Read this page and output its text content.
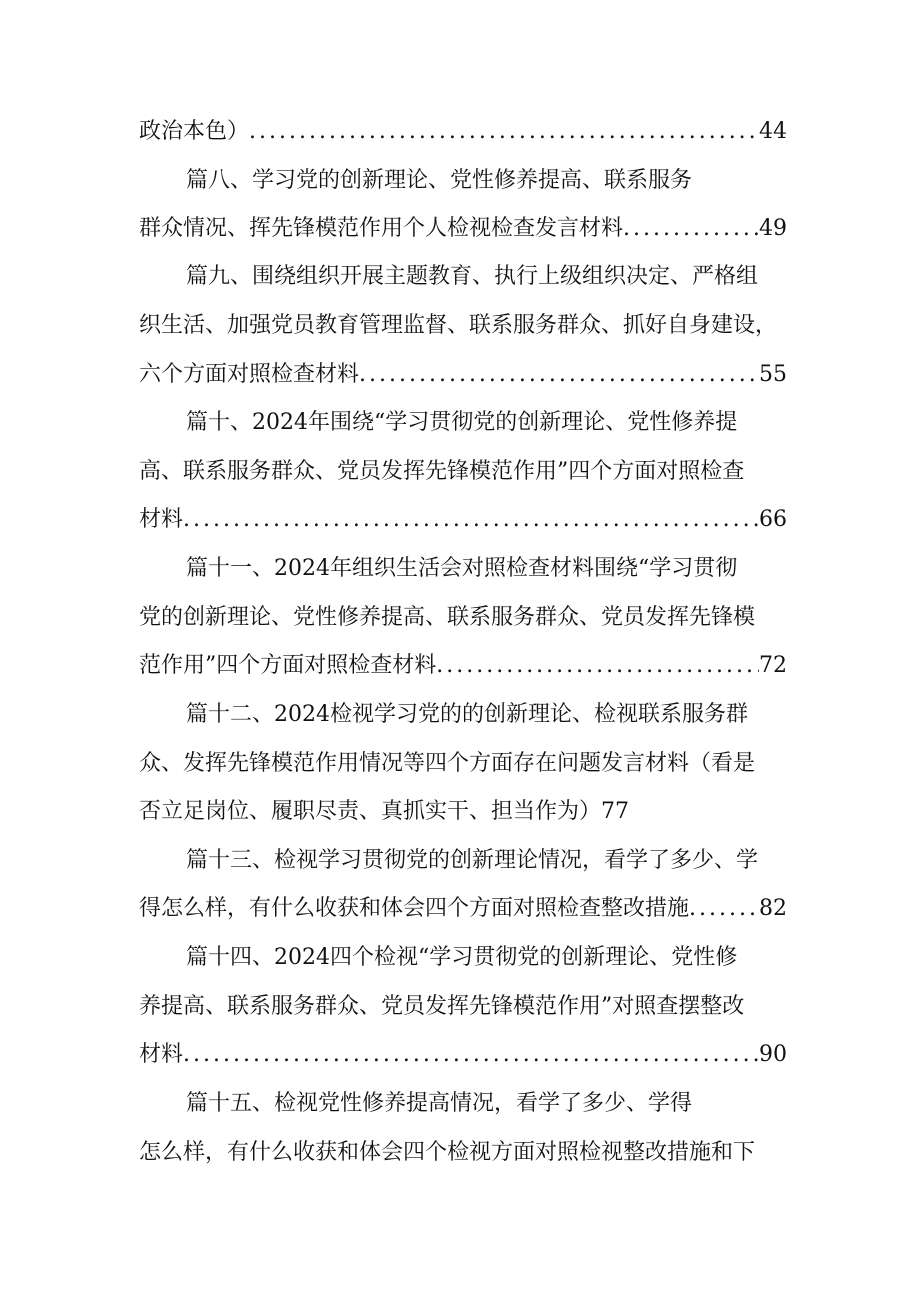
政治本色） .....	44
篇八、学习党的创新理论、党性修养提高、联系服务
群众情况、挥先锋模范作用个人检视检查发言材料 .....	49
篇九、围绕组织开展主题教育、执行上级组织决定、严格组
织生活、加强党员教育管理监督、联系服务群众、抓好自身建设，
六个方面对照检查材料 .....	55
篇十、2024年围绕“学习贯彻党的创新理论、党性修养提
高、联系服务群众、党员发挥先锋模范作用”四个方面对照检查
材料 .....	66
篇十一、2024年组织生活会对照检查材料围绕“学习贯彻
党的创新理论、党性修养提高、联系服务群众、党员发挥先锋模
范作用”四个方面对照检查材料 .....	72
篇十二、2024检视学习党的的创新理论、检视联系服务群
众、发挥先锋模范作用情况等四个方面存在问题发言材料（看是
否立足岗位、履职尽责、真抓实干、担当作为） 77
篇十三、检视学习贯彻党的创新理论情况，看学了多少、学
得怎么样，有什么收获和体会四个方面对照检查整改措施 .....	82
篇十四、2024四个检视“学习贯彻党的创新理论、党性修
养提高、联系服务群众、党员发挥先锋模范作用”对照查摆整改
材料 .....	90
篇十五、检视党性修养提高情况，看学了多少、学得
怎么样，有什么收获和体会四个检视方面对照检视整改措施和下
